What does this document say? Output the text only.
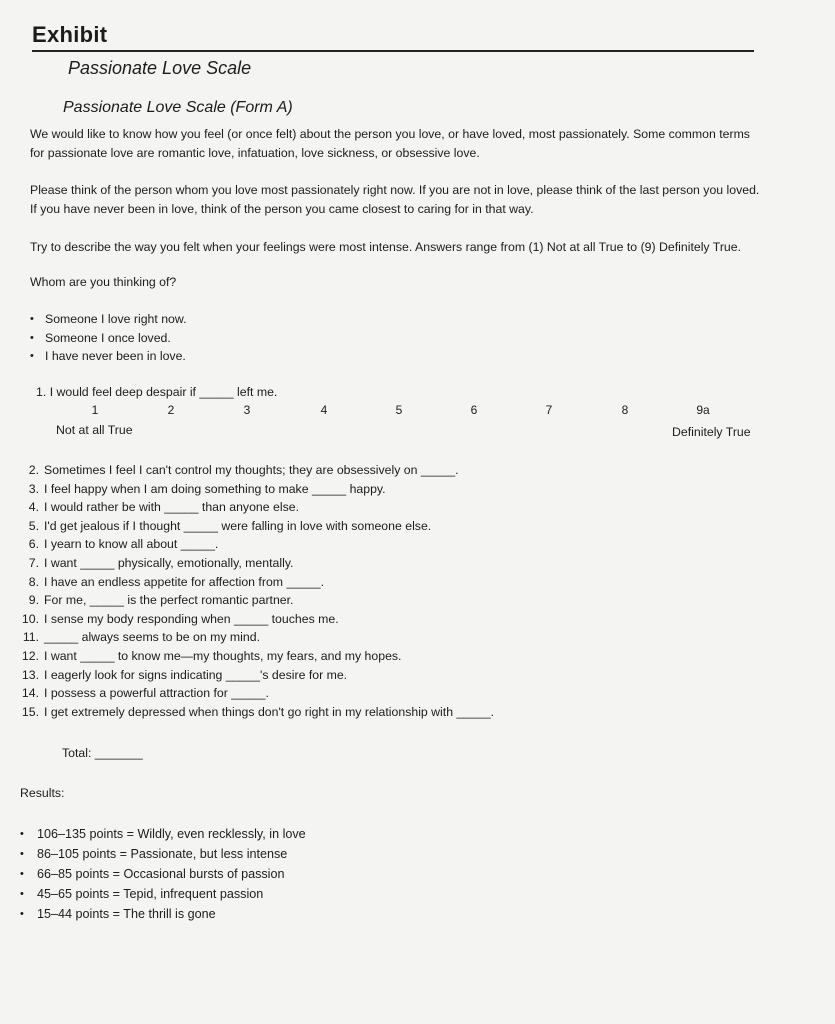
Exhibit
Passionate Love Scale
Passionate Love Scale (Form A)
We would like to know how you feel (or once felt) about the person you love, or have loved, most passionately. Some common terms for passionate love are romantic love, infatuation, love sickness, or obsessive love.
Please think of the person whom you love most passionately right now. If you are not in love, please think of the last person you loved. If you have never been in love, think of the person you came closest to caring for in that way.
Try to describe the way you felt when your feelings were most intense. Answers range from (1) Not at all True to (9) Definitely True.
Whom are you thinking of?
• Someone I love right now.
• Someone I once loved.
• I have never been in love.
1. I would feel deep despair if _____ left me.
1	2	3	4	5	6	7	8	9a
Not at all True	Definitely True
2. Sometimes I feel I can't control my thoughts; they are obsessively on _____.
3. I feel happy when I am doing something to make _____ happy.
4. I would rather be with _____ than anyone else.
5. I'd get jealous if I thought _____ were falling in love with someone else.
6. I yearn to know all about _____.
7. I want _____ physically, emotionally, mentally.
8. I have an endless appetite for affection from _____.
9. For me, _____ is the perfect romantic partner.
10. I sense my body responding when _____ touches me.
11. _____ always seems to be on my mind.
12. I want _____ to know me—my thoughts, my fears, and my hopes.
13. I eagerly look for signs indicating _____'s desire for me.
14. I possess a powerful attraction for _____.
15. I get extremely depressed when things don't go right in my relationship with _____.
Total: _______
Results:
• 106–135 points = Wildly, even recklessly, in love
• 86–105 points = Passionate, but less intense
• 66–85 points = Occasional bursts of passion
• 45–65 points = Tepid, infrequent passion
• 15–44 points = The thrill is gone
